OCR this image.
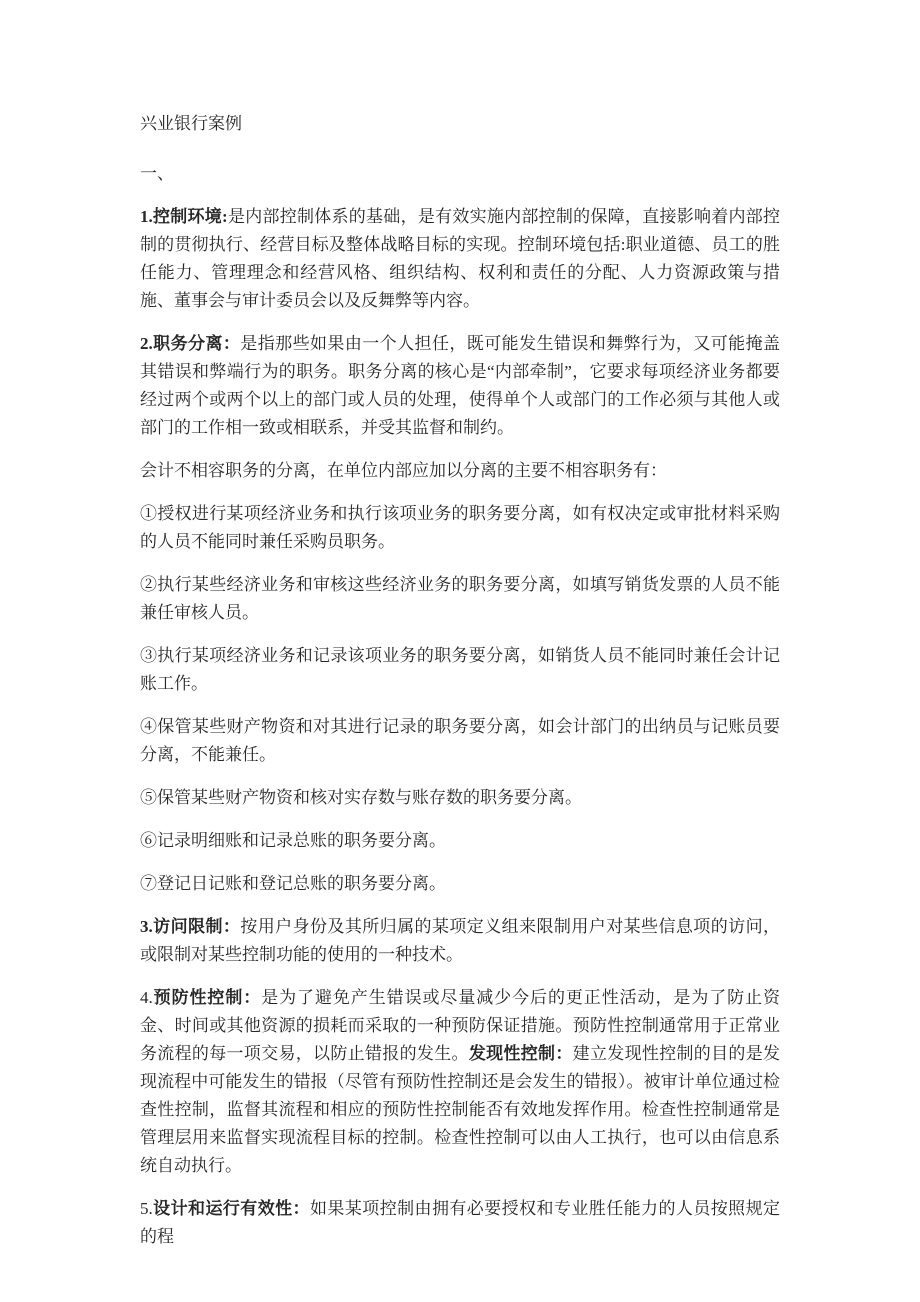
兴业银行案例

一、

1.控制环境:是内部控制体系的基础，是有效实施内部控制的保障，直接影响着内部控制的贯彻执行、经营目标及整体战略目标的实现。控制环境包括:职业道德、员工的胜任能力、管理理念和经营风格、组织结构、权利和责任的分配、人力资源政策与措施、董事会与审计委员会以及反舞弊等内容。

2.职务分离：是指那些如果由一个人担任，既可能发生错误和舞弊行为，又可能掩盖其错误和弊端行为的职务。职务分离的核心是“内部牵制”，它要求每项经济业务都要经过两个或两个以上的部门或人员的处理，使得单个人或部门的工作必须与其他人或部门的工作相一致或相联系，并受其监督和制约。

会计不相容职务的分离，在单位内部应加以分离的主要不相容职务有：

①授权进行某项经济业务和执行该项业务的职务要分离，如有权决定或审批材料采购的人员不能同时兼任采购员职务。

②执行某些经济业务和审核这些经济业务的职务要分离，如填写销货发票的人员不能兼任审核人员。

③执行某项经济业务和记录该项业务的职务要分离，如销货人员不能同时兼任会计记账工作。

④保管某些财产物资和对其进行记录的职务要分离，如会计部门的出纳员与记账员要分离，不能兼任。

⑤保管某些财产物资和核对实存数与账存数的职务要分离。

⑥记录明细账和记录总账的职务要分离。

⑦登记日记账和登记总账的职务要分离。

3.访问限制：按用户身份及其所归属的某项定义组来限制用户对某些信息项的访问，或限制对某些控制功能的使用的一种技术。

4.预防性控制：是为了避免产生错误或尽量减少今后的更正性活动，是为了防止资金、时间或其他资源的损耗而采取的一种预防保证措施。预防性控制通常用于正常业务流程的每一项交易，以防止错报的发生。发现性控制：建立发现性控制的目的是发现流程中可能发生的错报（尽管有预防性控制还是会发生的错报）。被审计单位通过检查性控制，监督其流程和相应的预防性控制能否有效地发挥作用。检查性控制通常是管理层用来监督实现流程目标的控制。检查性控制可以由人工执行，也可以由信息系统自动执行。

5.设计和运行有效性：如果某项控制由拥有必要授权和专业胜任能力的人员按照规定的程
